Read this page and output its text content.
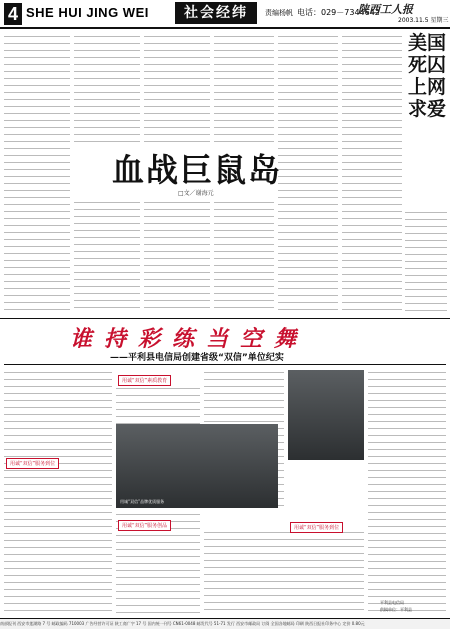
4 SHE HUI JING WEI	社会经纬	责编杨帆 电话：029－7344642
陕西工人报
2003.11.5 星期三
血战巨鼠岛
□文／谢海元
美国死囚上网求爱
谁持彩练当空舞
——平利县电信局创建省级“双信”单位纪实
用诚“双信”素质教育
用诚“双信”服务到位
用诚“双信”服务创品	用诚“双信”服务到位
用诚“双信”品牌优质服务
平利县电信局
供稿单位：平利县
南部报刊 西安市莲湖路 7 号 邮政编码 710003 广告经营许可证 陕工商广字 17 号 国内统一刊号 CN61-0048 邮发代号 51-71 发行 西安市邮政局 订阅 全国各地邮局 印刷 陕西日报社印务中心 定价 0.80元
